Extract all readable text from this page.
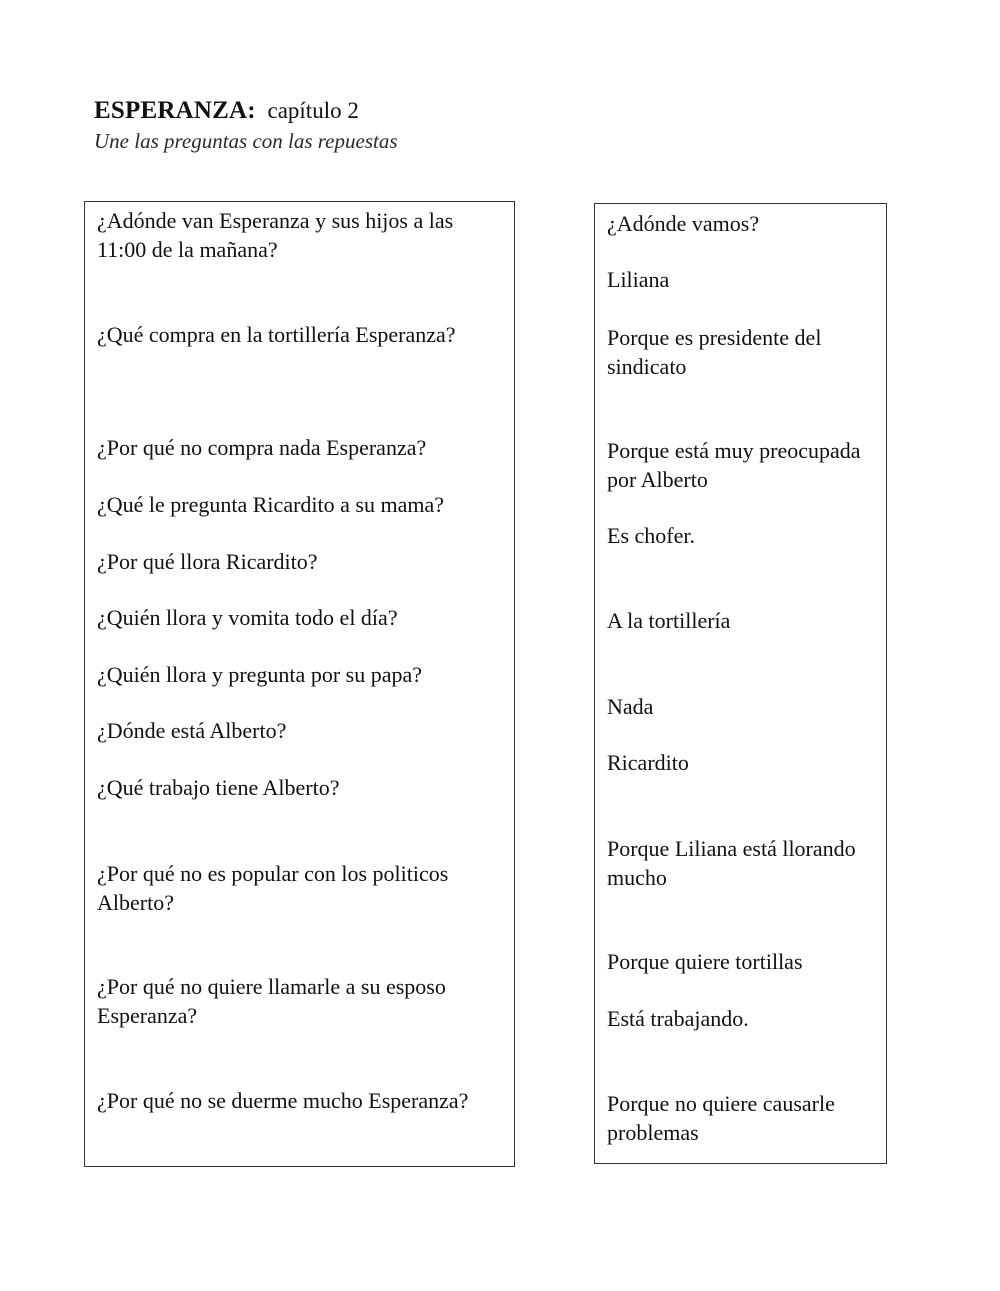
ESPERANZA: capítulo 2
Une las preguntas con las repuestas
¿Adónde van Esperanza y sus hijos a las 11:00 de la mañana?
¿Qué compra en la tortillería Esperanza?
¿Por qué no compra nada Esperanza?
¿Qué le pregunta Ricardito a su mama?
¿Por qué llora Ricardito?
¿Quién llora y vomita todo el día?
¿Quién llora y pregunta por su papa?
¿Dónde está Alberto?
¿Qué trabajo tiene Alberto?
¿Por qué no es popular con los politicos Alberto?
¿Por qué no quiere llamarle a su esposo Esperanza?
¿Por qué no se duerme mucho Esperanza?
¿Adónde vamos?
Liliana
Porque es presidente del sindicato
Porque está muy preocupada por Alberto
Es chofer.
A la tortillería
Nada
Ricardito
Porque Liliana está llorando mucho
Porque quiere tortillas
Está trabajando.
Porque no quiere causarle problemas
